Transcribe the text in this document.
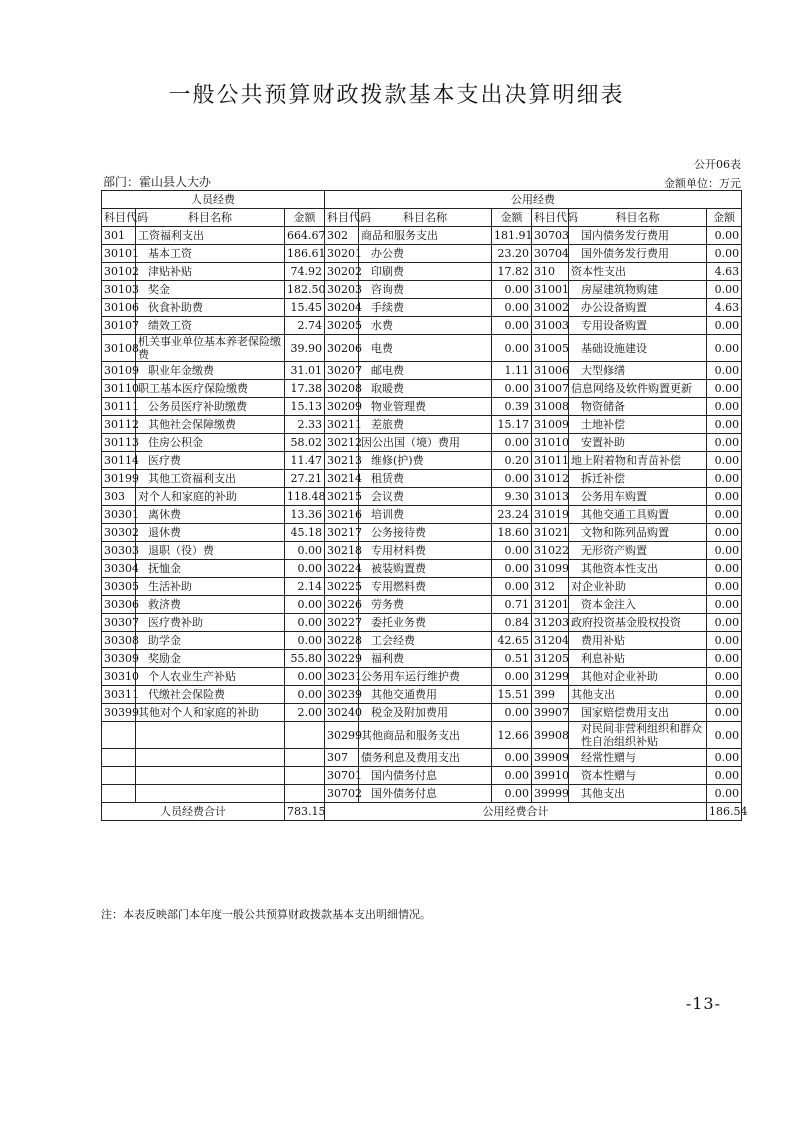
一般公共预算财政拨款基本支出决算明细表
公开06表
部门：霍山县人大办	金额单位：万元
人员经费			公用经费					
科目代码	科目名称	金额	科目代码	科目名称	金额	科目代码	科目名称	金额
301	工资福利支出	664.67	302	商品和服务支出	181.91	30703	国内债务发行费用	0.00
30101	基本工资	186.61	30201	办公费	23.20	30704	国外债务发行费用	0.00
30102	津贴补贴	74.92	30202	印刷费	17.82	310	资本性支出	4.63
30103	奖金	182.50	30203	咨询费	0.00	31001	房屋建筑物购建	0.00
30106	伙食补助费	15.45	30204	手续费	0.00	31002	办公设备购置	4.63
30107	绩效工资	2.74	30205	水费	0.00	31003	专用设备购置	0.00
30108	机关事业单位基本养老保险缴费	39.90	30206	电费	0.00	31005	基础设施建设	0.00
30109	职业年金缴费	31.01	30207	邮电费	1.11	31006	大型修缮	0.00
30110	职工基本医疗保险缴费	17.38	30208	取暖费	0.00	31007	信息网络及软件购置更新	0.00
30111	公务员医疗补助缴费	15.13	30209	物业管理费	0.39	31008	物资储备	0.00
30112	其他社会保障缴费	2.33	30211	差旅费	15.17	31009	土地补偿	0.00
30113	住房公积金	58.02	30212	因公出国（境）费用	0.00	31010	安置补助	0.00
30114	医疗费	11.47	30213	维修(护)费	0.20	31011	地上附着物和青苗补偿	0.00
30199	其他工资福利支出	27.21	30214	租赁费	0.00	31012	拆迁补偿	0.00
303	对个人和家庭的补助	118.48	30215	会议费	9.30	31013	公务用车购置	0.00
30301	离休费	13.36	30216	培训费	23.24	31019	其他交通工具购置	0.00
30302	退休费	45.18	30217	公务接待费	18.60	31021	文物和陈列品购置	0.00
30303	退职（役）费	0.00	30218	专用材料费	0.00	31022	无形资产购置	0.00
30304	抚恤金	0.00	30224	被装购置费	0.00	31099	其他资本性支出	0.00
30305	生活补助	2.14	30225	专用燃料费	0.00	312	对企业补助	0.00
30306	救济费	0.00	30226	劳务费	0.71	31201	资本金注入	0.00
30307	医疗费补助	0.00	30227	委托业务费	0.84	31203	政府投资基金股权投资	0.00
30308	助学金	0.00	30228	工会经费	42.65	31204	费用补贴	0.00
30309	奖励金	55.80	30229	福利费	0.51	31205	利息补贴	0.00
30310	个人农业生产补贴	0.00	30231	公务用车运行维护费	0.00	31299	其他对企业补助	0.00
30311	代缴社会保险费	0.00	30239	其他交通费用	15.51	399	其他支出	0.00
30399	其他对个人和家庭的补助	2.00	30240	税金及附加费用	0.00	39907	国家赔偿费用支出	0.00
			30299	其他商品和服务支出	12.66	39908	对民间非营利组织和群众性自治组织补贴	0.00
			307	债务利息及费用支出	0.00	39909	经常性赠与	0.00
			30701	国内债务付息	0.00	39910	资本性赠与	0.00
			30702	国外债务付息	0.00	39999	其他支出	0.00
人员经费合计		783.15	公用经费合计					186.54
注：本表反映部门本年度一般公共预算财政拨款基本支出明细情况。
-13-
